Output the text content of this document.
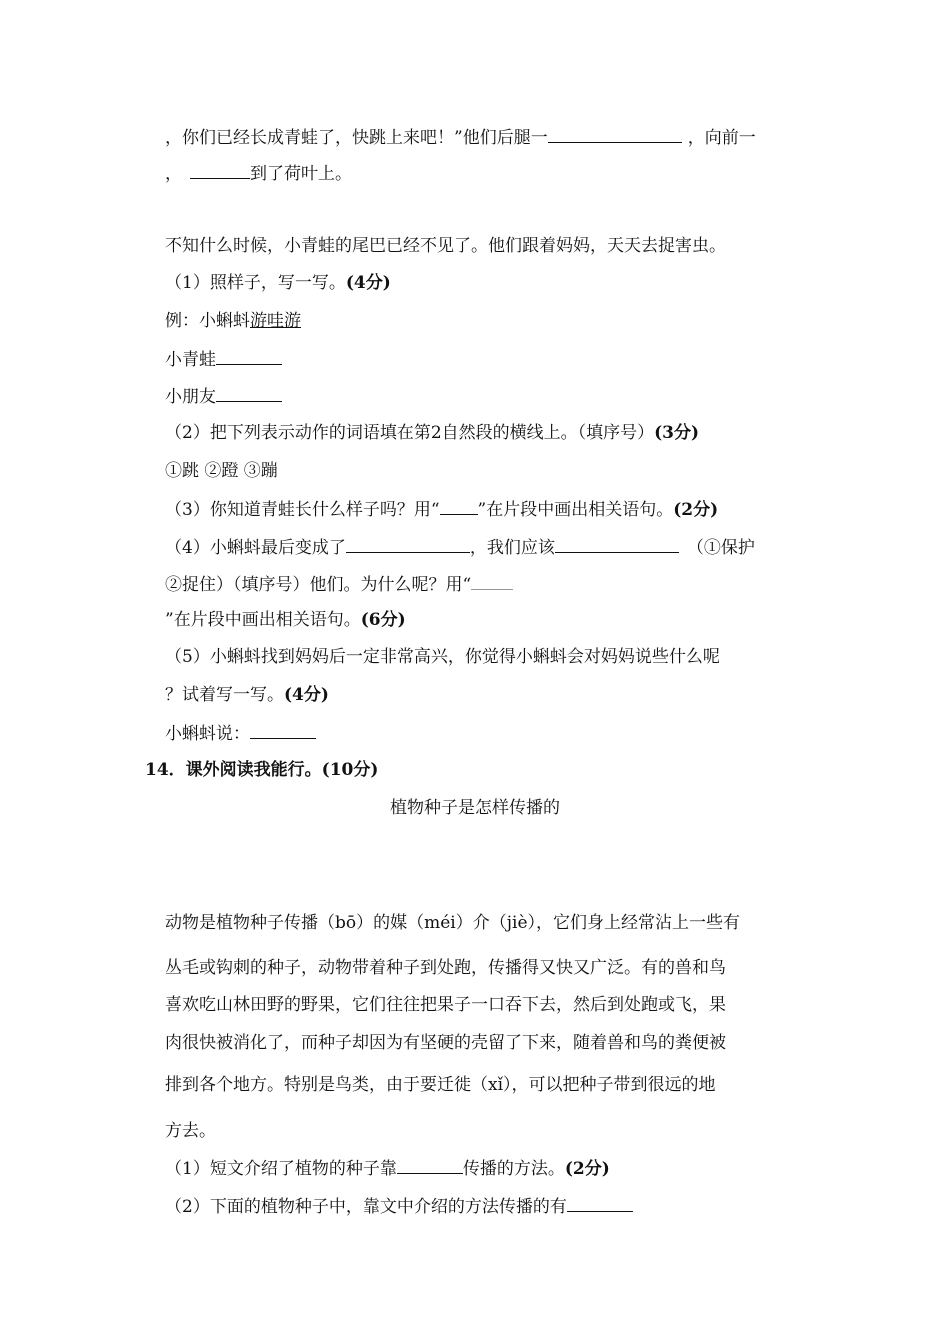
，你们已经长成青蛙了，快跳上来吧！”他们后腿一	，向前一
，	到了荷叶上。
不知什么时候，小青蛙的尾巴已经不见了。他们跟着妈妈，天天去捉害虫。
（1）照样子，写一写。(4分)
例：小蝌蚪游哇游
小青蛙
小朋友
（2）把下列表示动作的词语填在第2自然段的横线上。（填序号）(3分)
①跳 ②蹬 ③蹦
（3）你知道青蛙长什么样子吗？用“ ”在片段中画出相关语句。(2分)
（4）小蝌蚪最后变成了	，我们应该	（①保护
②捉住）（填序号）他们。为什么呢？用“
”在片段中画出相关语句。(6分)
（5）小蝌蚪找到妈妈后一定非常高兴，你觉得小蝌蚪会对妈妈说些什么呢
？试着写一写。(4分)
小蝌蚪说：
14．课外阅读我能行。(10分)
植物种子是怎样传播的
动物是植物种子传播（bō）的媒（méi）介（jiè），它们身上经常沾上一些有
丛毛或钩刺的种子，动物带着种子到处跑，传播得又快又广泛。有的兽和鸟
喜欢吃山林田野的野果，它们往往把果子一口吞下去，然后到处跑或飞，果
肉很快被消化了，而种子却因为有坚硬的壳留了下来，随着兽和鸟的粪便被
排到各个地方。特别是鸟类，由于要迁徙（xǐ），可以把种子带到很远的地
方去。
（1）短文介绍了植物的种子靠	传播的方法。(2分)
（2）下面的植物种子中，靠文中介绍的方法传播的有
